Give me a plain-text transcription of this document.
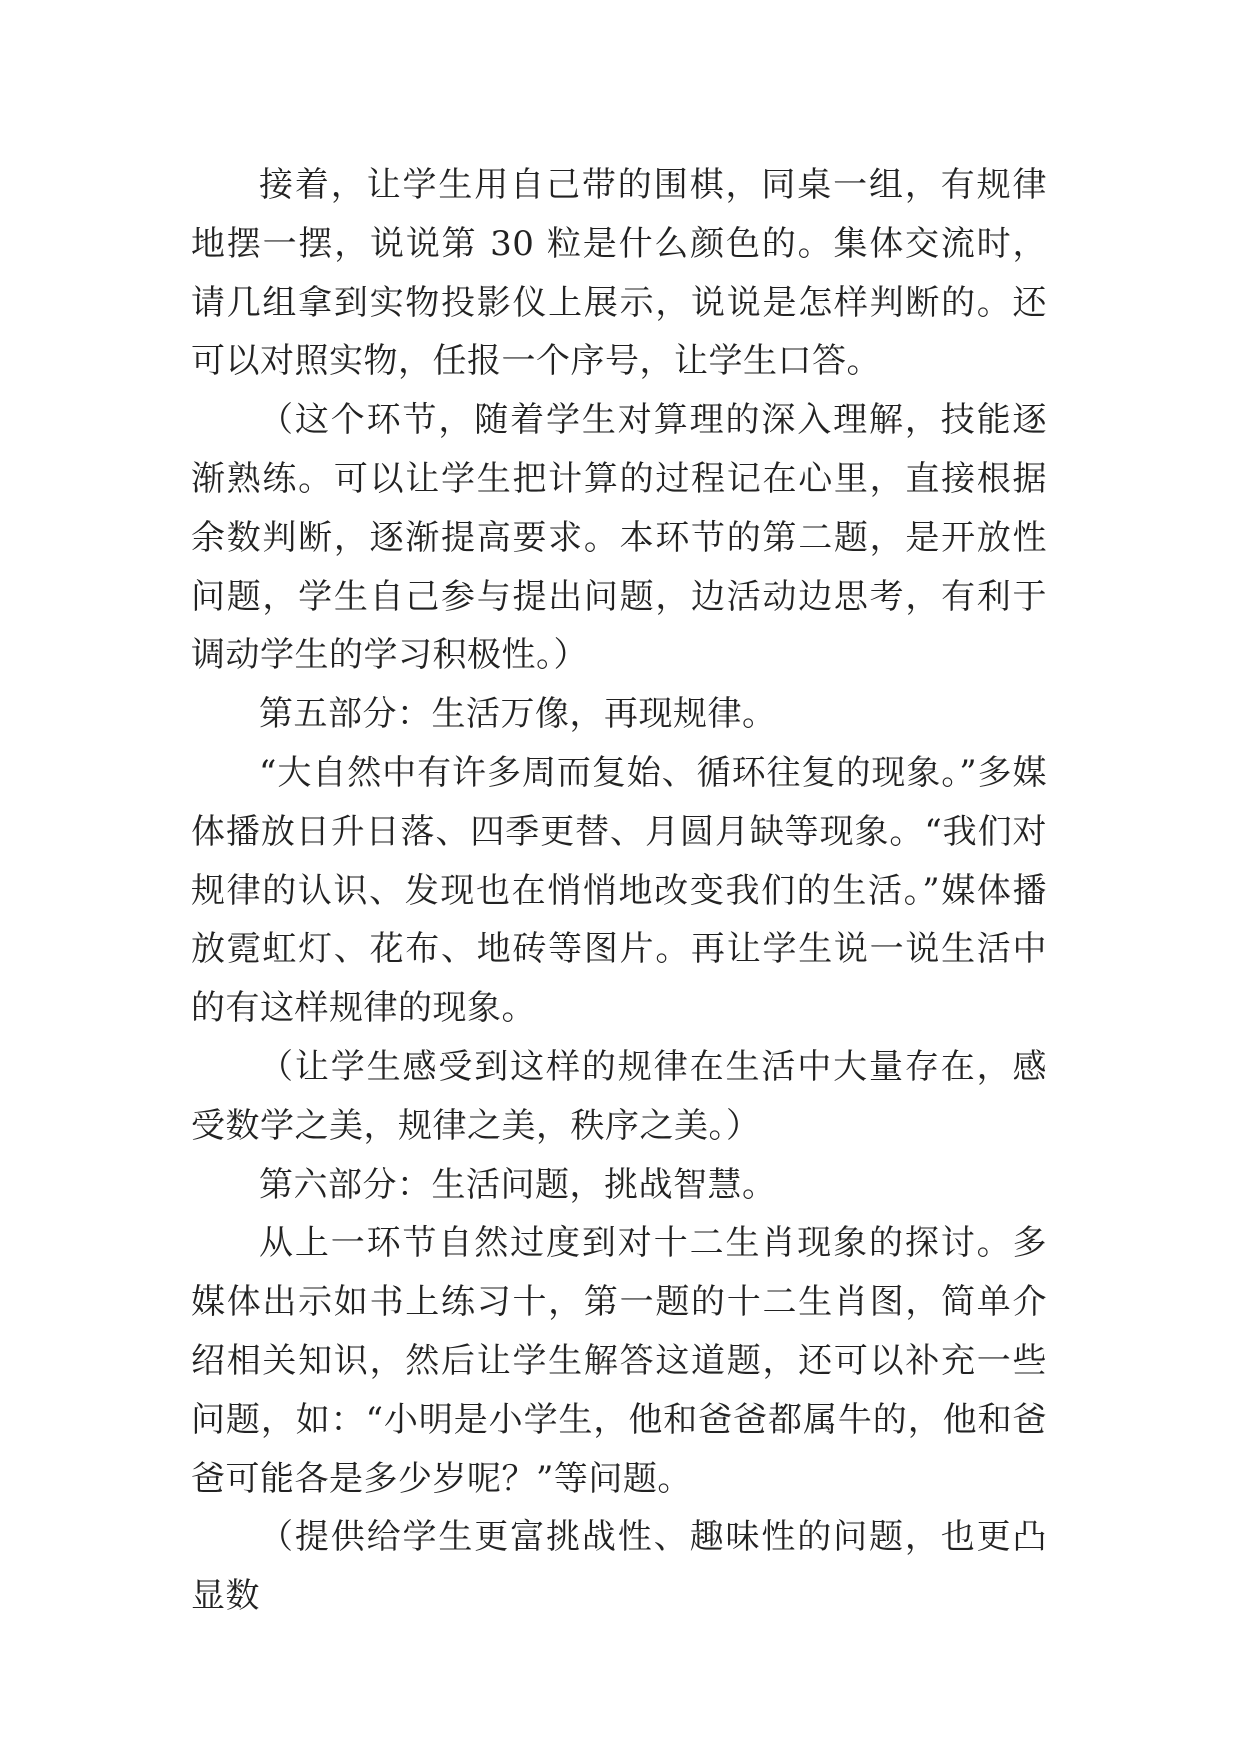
接着，让学生用自己带的围棋，同桌一组，有规律地摆一摆，说说第 30 粒是什么颜色的。集体交流时，请几组拿到实物投影仪上展示，说说是怎样判断的。还可以对照实物，任报一个序号，让学生口答。

（这个环节，随着学生对算理的深入理解，技能逐渐熟练。可以让学生把计算的过程记在心里，直接根据余数判断，逐渐提高要求。本环节的第二题，是开放性问题，学生自己参与提出问题，边活动边思考，有利于调动学生的学习积极性。）

第五部分：生活万像，再现规律。

“大自然中有许多周而复始、循环往复的现象。”多媒体播放日升日落、四季更替、月圆月缺等现象。“我们对规律的认识、发现也在悄悄地改变我们的生活。”媒体播放霓虹灯、花布、地砖等图片。再让学生说一说生活中的有这样规律的现象。

（让学生感受到这样的规律在生活中大量存在，感受数学之美，规律之美，秩序之美。）

第六部分：生活问题，挑战智慧。

从上一环节自然过度到对十二生肖现象的探讨。多媒体出示如书上练习十，第一题的十二生肖图，简单介绍相关知识，然后让学生解答这道题，还可以补充一些问题，如：“小明是小学生，他和爸爸都属牛的，他和爸爸可能各是多少岁呢？”等问题。

（提供给学生更富挑战性、趣味性的问题，也更凸显数
